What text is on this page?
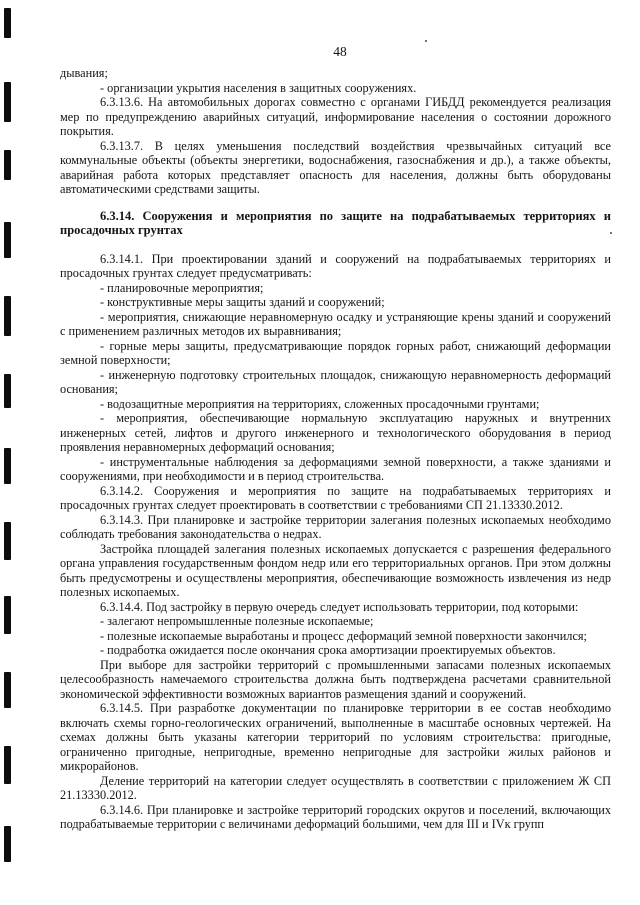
48

дывания;

- организации укрытия населения в защитных сооружениях.

6.3.13.6. На автомобильных дорогах совместно с органами ГИБДД рекомендуется реализация мер по предупреждению аварийных ситуаций, информирование населения о состоянии дорожного покрытия.

6.3.13.7. В целях уменьшения последствий воздействия чрезвычайных ситуаций все коммунальные объекты (объекты энергетики, водоснабжения, газоснабжения и др.), а также объекты, аварийная работа которых представляет опасность для населения, должны быть оборудованы автоматическими средствами защиты.

6.3.14. Сооружения и мероприятия по защите на подрабатываемых территориях и просадочных грунтах

6.3.14.1. При проектировании зданий и сооружений на подрабатываемых территориях и просадочных грунтах следует предусматривать:

- планировочные мероприятия;

- конструктивные меры защиты зданий и сооружений;

- мероприятия, снижающие неравномерную осадку и устраняющие крены зданий и сооружений с применением различных методов их выравнивания;

- горные меры защиты, предусматривающие порядок горных работ, снижающий деформации земной поверхности;

- инженерную подготовку строительных площадок, снижающую неравномерность деформаций основания;

- водозащитные мероприятия на территориях, сложенных просадочными грунтами;

- мероприятия, обеспечивающие нормальную эксплуатацию наружных и внутренних инженерных сетей, лифтов и другого инженерного и технологического оборудования в период проявления неравномерных деформаций основания;

- инструментальные наблюдения за деформациями земной поверхности, а также зданиями и сооружениями, при необходимости и в период строительства.

6.3.14.2. Сооружения и мероприятия по защите на подрабатываемых территориях и просадочных грунтах следует проектировать в соответствии с требованиями СП 21.13330.2012.

6.3.14.3. При планировке и застройке территории залегания полезных ископаемых необходимо соблюдать требования законодательства о недрах.

Застройка площадей залегания полезных ископаемых допускается с разрешения федерального органа управления государственным фондом недр или его территориальных органов. При этом должны быть предусмотрены и осуществлены мероприятия, обеспечивающие возможность извлечения из недр полезных ископаемых.

6.3.14.4. Под застройку в первую очередь следует использовать территории, под которыми:

- залегают непромышленные полезные ископаемые;

- полезные ископаемые выработаны и процесс деформаций земной поверхности закончился;

- подработка ожидается после окончания срока амортизации проектируемых объектов.

При выборе для застройки территорий с промышленными запасами полезных ископаемых целесообразность намечаемого строительства должна быть подтверждена расчетами сравнительной экономической эффективности возможных вариантов размещения зданий и сооружений.

6.3.14.5. При разработке документации по планировке территории в ее состав необходимо включать схемы горно-геологических ограничений, выполненные в масштабе основных чертежей. На схемах должны быть указаны категории территорий по условиям строительства: пригодные, ограниченно пригодные, непригодные, временно непригодные для застройки жилых районов и микрорайонов.

Деление территорий на категории следует осуществлять в соответствии с приложением Ж СП 21.13330.2012.

6.3.14.6. При планировке и застройке территорий городских округов и поселений, включающих подрабатываемые территории с величинами деформаций большими, чем для III и IVк групп
